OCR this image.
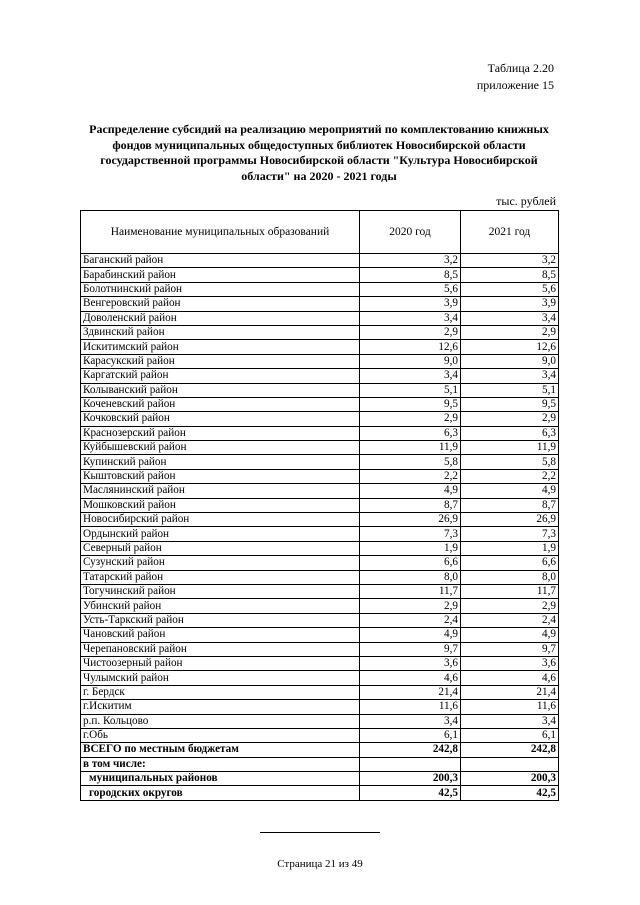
Таблица 2.20
приложение 15
Распределение субсидий на реализацию мероприятий по комплектованию книжных фондов муниципальных общедоступных библиотек Новосибирской области государственной программы Новосибирской области "Культура Новосибирской области" на 2020 - 2021 годы
тыс. рублей
Наименование муниципальных образований	2020 год	2021 год
Баганский район	3,2	3,2
Барабинский район	8,5	8,5
Болотнинский район	5,6	5,6
Венгеровский район	3,9	3,9
Доволенский район	3,4	3,4
Здвинский район	2,9	2,9
Искитимский район	12,6	12,6
Карасукский район	9,0	9,0
Каргатский район	3,4	3,4
Колыванский район	5,1	5,1
Коченевский район	9,5	9,5
Кочковский район	2,9	2,9
Краснозерский район	6,3	6,3
Куйбышевский район	11,9	11,9
Купинский район	5,8	5,8
Кыштовский район	2,2	2,2
Маслянинский район	4,9	4,9
Мошковский район	8,7	8,7
Новосибирский район	26,9	26,9
Ордынский район	7,3	7,3
Северный район	1,9	1,9
Сузунский район	6,6	6,6
Татарский район	8,0	8,0
Тогучинский район	11,7	11,7
Убинский район	2,9	2,9
Усть-Таркский район	2,4	2,4
Чановский район	4,9	4,9
Черепановский район	9,7	9,7
Чистоозерный район	3,6	3,6
Чулымский район	4,6	4,6
г. Бердск	21,4	21,4
г.Искитим	11,6	11,6
р.п. Кольцово	3,4	3,4
г.Обь	6,1	6,1
ВСЕГО по местным бюджетам	242,8	242,8
в том числе:		
муниципальных районов	200,3	200,3
городских округов	42,5	42,5
Страница 21 из 49
